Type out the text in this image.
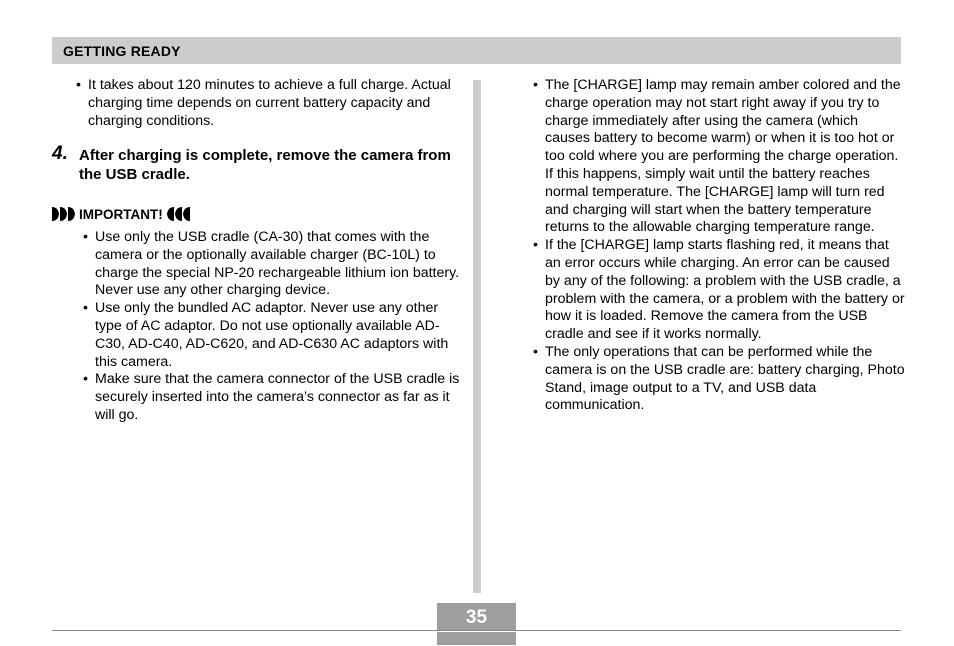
GETTING READY
• It takes about 120 minutes to achieve a full charge. Actual charging time depends on current battery capacity and charging conditions.
4. After charging is complete, remove the camera from the USB cradle.
IMPORTANT!
• Use only the USB cradle (CA-30) that comes with the camera or the optionally available charger (BC-10L) to charge the special NP-20 rechargeable lithium ion battery. Never use any other charging device.
• Use only the bundled AC adaptor. Never use any other type of AC adaptor. Do not use optionally available AD-C30, AD-C40, AD-C620, and AD-C630 AC adaptors with this camera.
• Make sure that the camera connector of the USB cradle is securely inserted into the camera’s connector as far as it will go.
• The [CHARGE] lamp may remain amber colored and the charge operation may not start right away if you try to charge immediately after using the camera (which causes battery to become warm) or when it is too hot or too cold where you are performing the charge operation. If this happens, simply wait until the battery reaches normal temperature. The [CHARGE] lamp will turn red and charging will start when the battery temperature returns to the allowable charging temperature range.
• If the [CHARGE] lamp starts flashing red, it means that an error occurs while charging. An error can be caused by any of the following: a problem with the USB cradle, a problem with the camera, or a problem with the battery or how it is loaded. Remove the camera from the USB cradle and see if it works normally.
• The only operations that can be performed while the camera is on the USB cradle are: battery charging, Photo Stand, image output to a TV, and USB data communication.
35
